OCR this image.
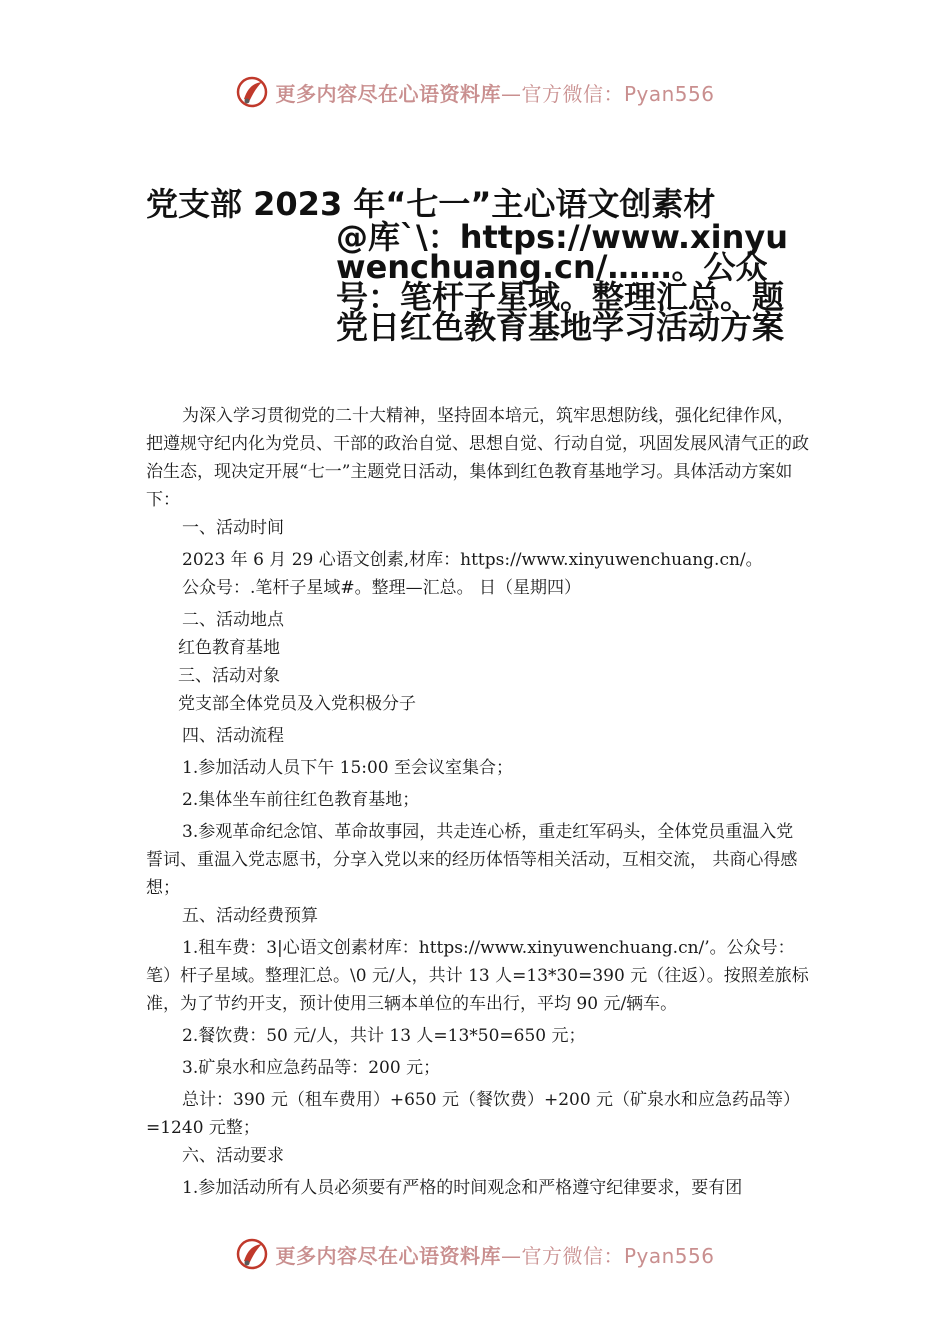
更多内容尽在心语资料库—官方微信：Pyan556
党支部 2023 年“七一”主心语文创素材
@库`\：https://www.xinyuwenchuang.cn/……。公众号：笔杆子星域。整理汇总。题党日红色教育基地学习活动方案

为深入学习贯彻党的二十大精神，坚持固本培元，筑牢思想防线，强化纪律作风，把遵规守纪内化为党员、干部的政治自觉、思想自觉、行动自觉，巩固发展风清气正的政治生态，现决定开展“七一”主题党日活动，集体到红色教育基地学习。具体活动方案如下：

一、活动时间

2023 年 6 月 29 心语文创素,材库：https://www.xinyuwenchuang.cn/。

公众号：.笔杆子星域#。整理—汇总。 日（星期四）

二、活动地点

红色教育基地

三、活动对象

党支部全体党员及入党积极分子

四、活动流程

1.参加活动人员下午 15:00 至会议室集合；

2.集体坐车前往红色教育基地；

3.参观革命纪念馆、革命故事园，共走连心桥，重走红军码头，全体党员重温入党誓词、重温入党志愿书，分享入党以来的经历体悟等相关活动，互相交流， 共商心得感想；

五、活动经费预算

1.租车费：3|心语文创素材库：https://www.xinyuwenchuang.cn/’。公众号：笔）杆子星域。整理汇总。\0 元/人，共计 13 人=13*30=390 元（往返）。按照差旅标准，为了节约开支，预计使用三辆本单位的车出行，平均 90 元/辆车。

2.餐饮费：50 元/人，共计 13 人=13*50=650 元；

3.矿泉水和应急药品等：200 元；

总计：390 元（租车费用）+650 元（餐饮费）+200 元（矿泉水和应急药品等）=1240 元整；

六、活动要求

1.参加活动所有人员必须要有严格的时间观念和严格遵守纪律要求，要有团

更多内容尽在心语资料库—官方微信：Pyan556
